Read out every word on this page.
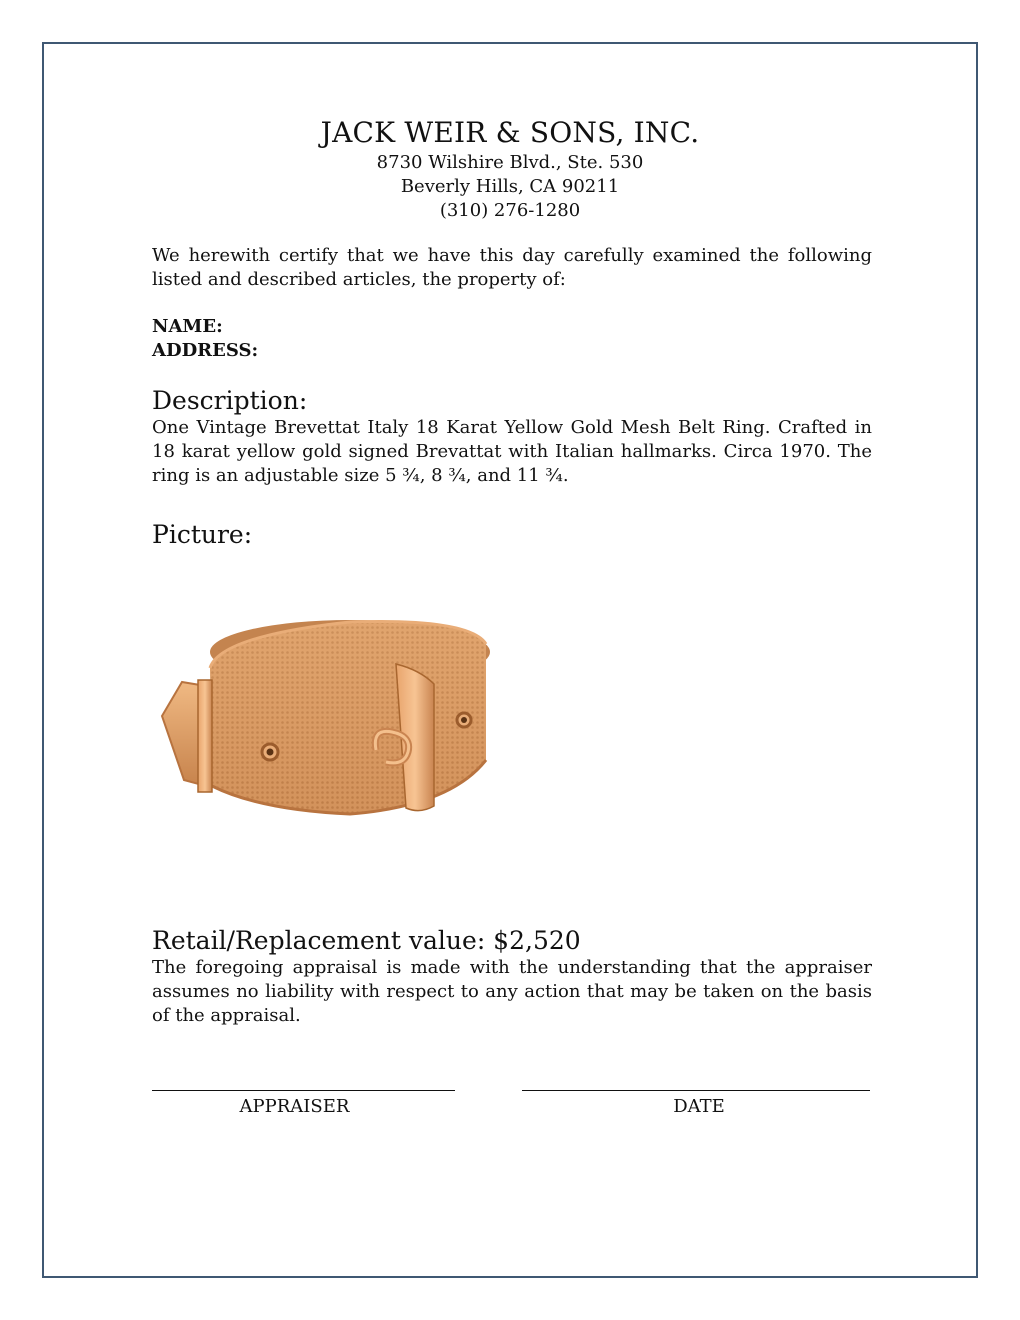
JACK WEIR & SONS, INC.
8730 Wilshire Blvd., Ste. 530
Beverly Hills, CA 90211
(310) 276-1280
We herewith certify that we have this day carefully examined the following listed and described articles, the property of:
NAME:
ADDRESS:
Description:
One Vintage Brevettat Italy 18 Karat Yellow Gold Mesh Belt Ring. Crafted in 18 karat yellow gold signed Brevattat with Italian hallmarks. Circa 1970. The ring is an adjustable size 5 ¾, 8 ¾, and 11 ¾.
Picture:
Retail/Replacement value: $2,520
The foregoing appraisal is made with the understanding that the appraiser assumes no liability with respect to any action that may be taken on the basis of the appraisal.
APPRAISER	DATE
